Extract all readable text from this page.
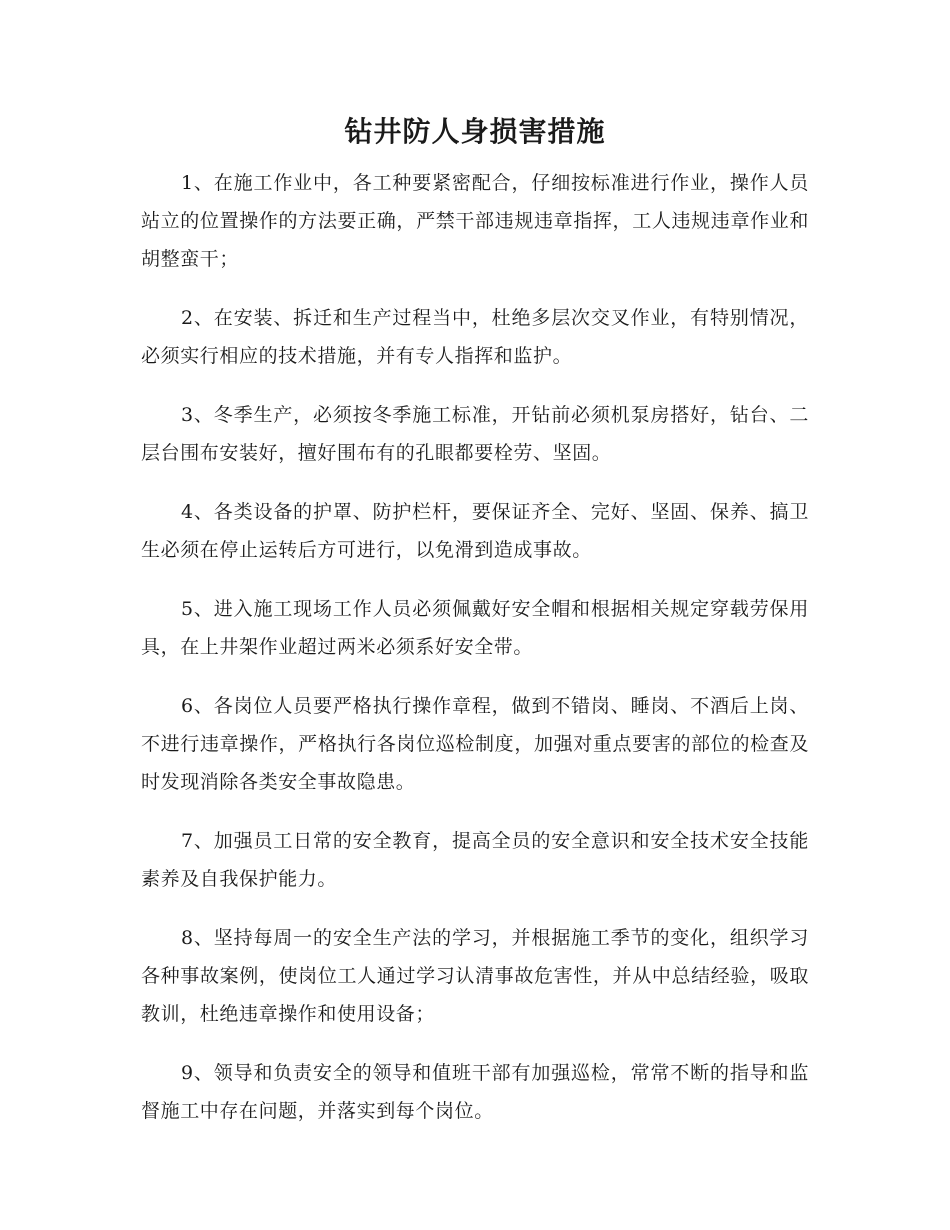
钻井防人身损害措施

1、在施工作业中，各工种要紧密配合，仔细按标准进行作业，操作人员站立的位置操作的方法要正确，严禁干部违规违章指挥，工人违规违章作业和胡整蛮干；

2、在安装、拆迁和生产过程当中，杜绝多层次交叉作业，有特别情况，必须实行相应的技术措施，并有专人指挥和监护。

3、冬季生产，必须按冬季施工标准，开钻前必须机泵房搭好，钻台、二层台围布安装好，擅好围布有的孔眼都要栓劳、坚固。

4、各类设备的护罩、防护栏杆，要保证齐全、完好、坚固、保养、搞卫生必须在停止运转后方可进行，以免滑到造成事故。

5、进入施工现场工作人员必须佩戴好安全帽和根据相关规定穿载劳保用具，在上井架作业超过两米必须系好安全带。

6、各岗位人员要严格执行操作章程，做到不错岗、睡岗、不酒后上岗、不进行违章操作，严格执行各岗位巡检制度，加强对重点要害的部位的检查及时发现消除各类安全事故隐患。

7、加强员工日常的安全教育，提高全员的安全意识和安全技术安全技能素养及自我保护能力。

8、坚持每周一的安全生产法的学习，并根据施工季节的变化，组织学习各种事故案例，使岗位工人通过学习认清事故危害性，并从中总结经验，吸取教训，杜绝违章操作和使用设备；

9、领导和负责安全的领导和值班干部有加强巡检，常常不断的指导和监督施工中存在问题，并落实到每个岗位。
